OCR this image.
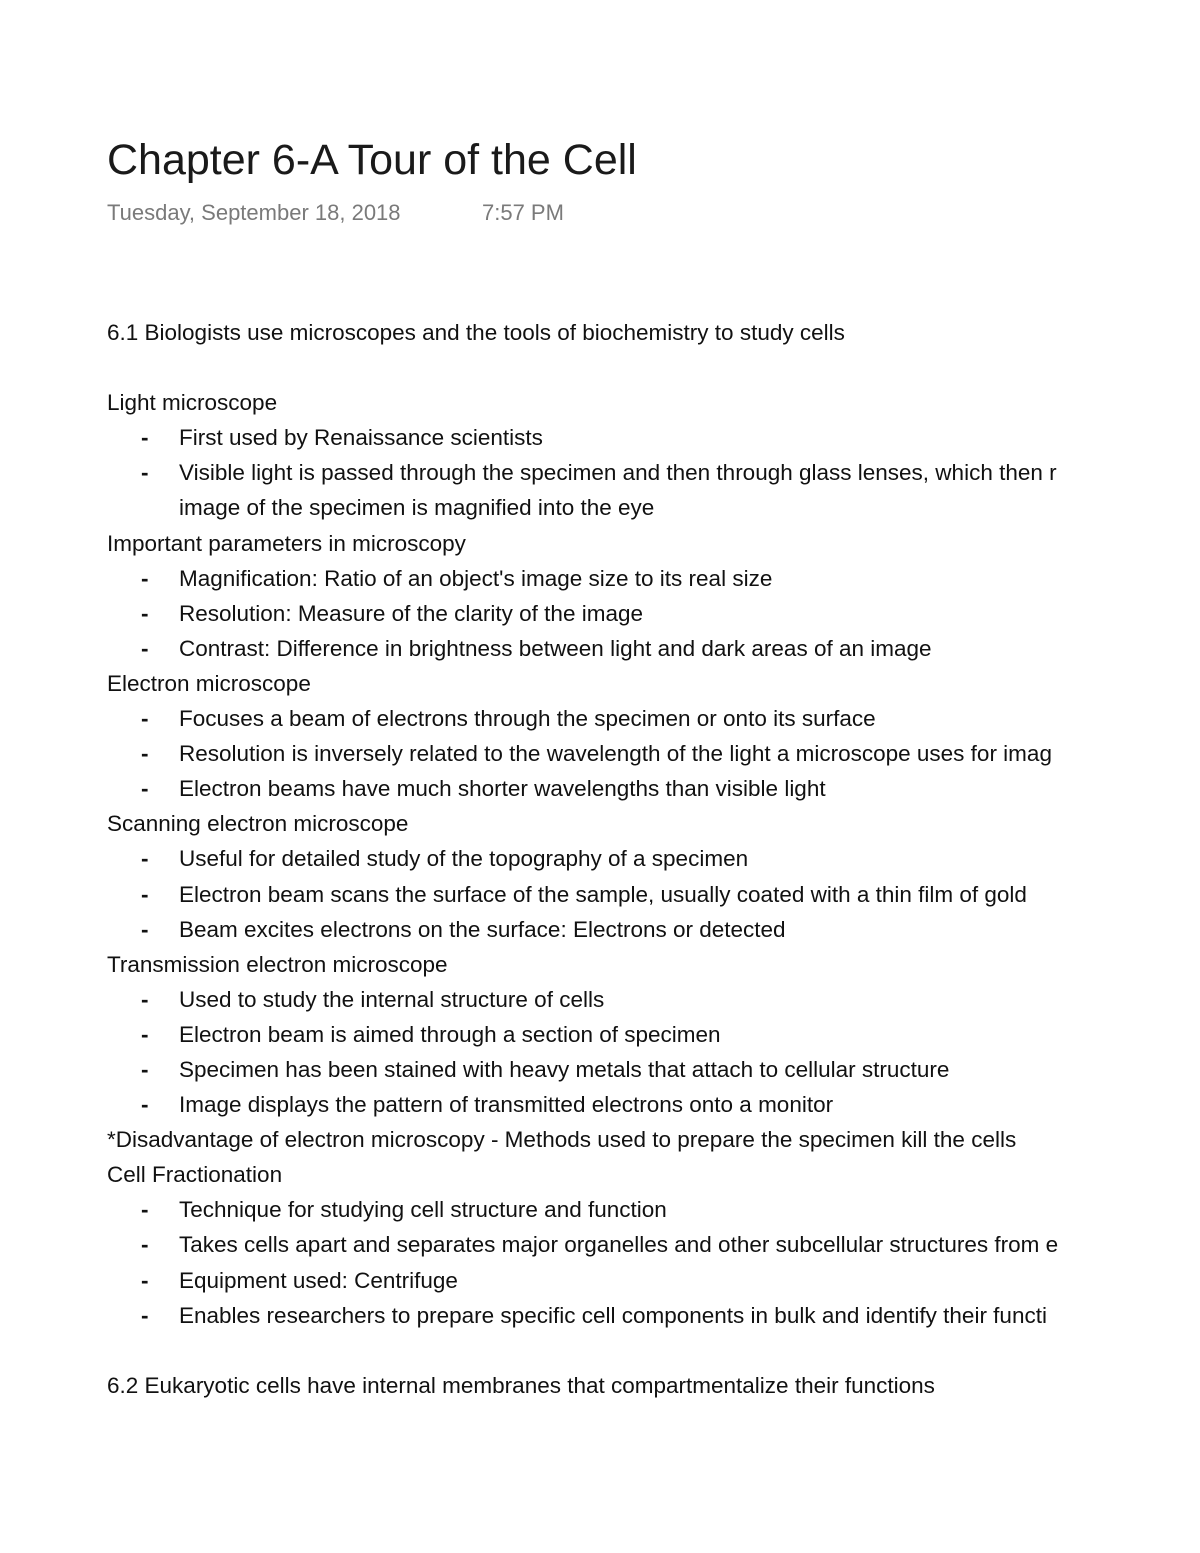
Chapter 6-A Tour of the Cell
Tuesday, September 18, 2018	7:57 PM
6.1 Biologists use microscopes and the tools of biochemistry to study cells
Light microscope
- First used by Renaissance scientists
- Visible light is passed through the specimen and then through glass lenses, which then r
image of the specimen is magnified into the eye
Important parameters in microscopy
- Magnification: Ratio of an object's image size to its real size
- Resolution: Measure of the clarity of the image
- Contrast: Difference in brightness between light and dark areas of an image
Electron microscope
- Focuses a beam of electrons through the specimen or onto its surface
- Resolution is inversely related to the wavelength of the light a microscope uses for imag
- Electron beams have much shorter wavelengths than visible light
Scanning electron microscope
- Useful for detailed study of the topography of a specimen
- Electron beam scans the surface of the sample, usually coated with a thin film of gold
- Beam excites electrons on the surface: Electrons or detected
Transmission electron microscope
- Used to study the internal structure of cells
- Electron beam is aimed through a section of specimen
- Specimen has been stained with heavy metals that attach to cellular structure
- Image displays the pattern of transmitted electrons onto a monitor
*Disadvantage of electron microscopy - Methods used to prepare the specimen kill the cells
Cell Fractionation
- Technique for studying cell structure and function
- Takes cells apart and separates major organelles and other subcellular structures from e
- Equipment used: Centrifuge
- Enables researchers to prepare specific cell components in bulk and identify their functi
6.2 Eukaryotic cells have internal membranes that compartmentalize their functions
